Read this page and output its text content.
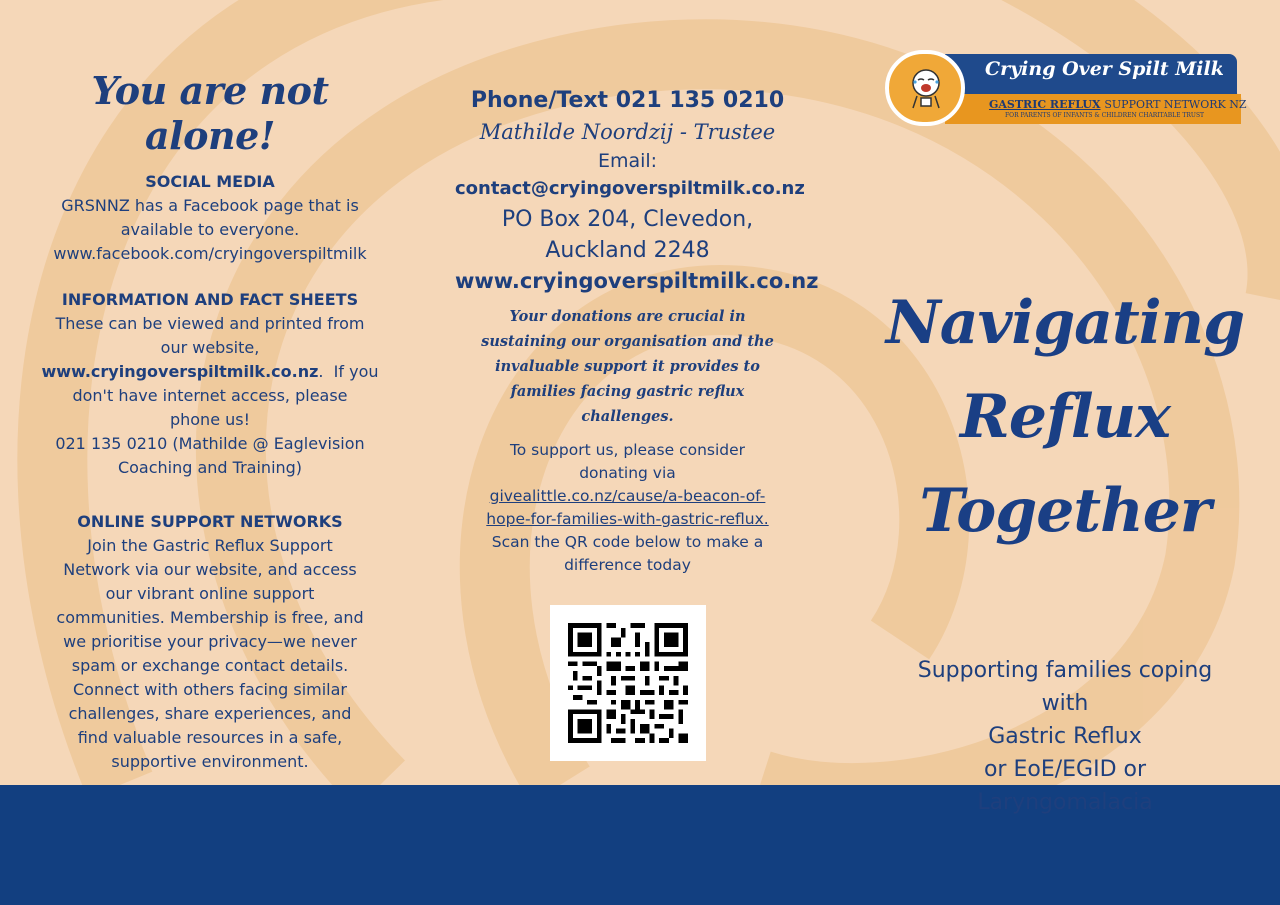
You are not alone!

SOCIAL MEDIA

GRSNNZ has a Facebook page that is
available to everyone.
www.facebook.com/cryingoverspiltmilk

INFORMATION AND FACT SHEETS

These can be viewed and printed from
our website,
www.cryingoverspiltmilk.co.nz.  If you
don't have internet access, please
phone us!
021 135 0210 (Mathilde @ Eaglevision
Coaching and Training)

ONLINE SUPPORT NETWORKS

Join the Gastric Reflux Support
Network via our website, and access
our vibrant online support
communities. Membership is free, and
we prioritise your privacy—we never
spam or exchange contact details.
Connect with others facing similar
challenges, share experiences, and
find valuable resources in a safe,
supportive environment.

Phone/Text 021 135 0210

Mathilde Noordzij - Trustee

Email:

contact@cryingoverspiltmilk.co.nz

PO Box 204, Clevedon,

Auckland 2248

www.cryingoverspiltmilk.co.nz

Your donations are crucial in sustaining our organisation and the invaluable support it provides to families facing gastric reflux challenges.

To support us, please consider donating via givealittle.co.nz/cause/a-beacon-of-hope-for-families-with-gastric-reflux. Scan the QR code below to make a difference today

Crying Over Spilt Milk
GASTRIC REFLUX SUPPORT NETWORK NZ
FOR PARENTS OF INFANTS & CHILDREN CHARITABLE TRUST
Navigating
Reflux
Together

Supporting families coping
with
Gastric Reflux
or EoE/EGID or
Laryngomalacia
